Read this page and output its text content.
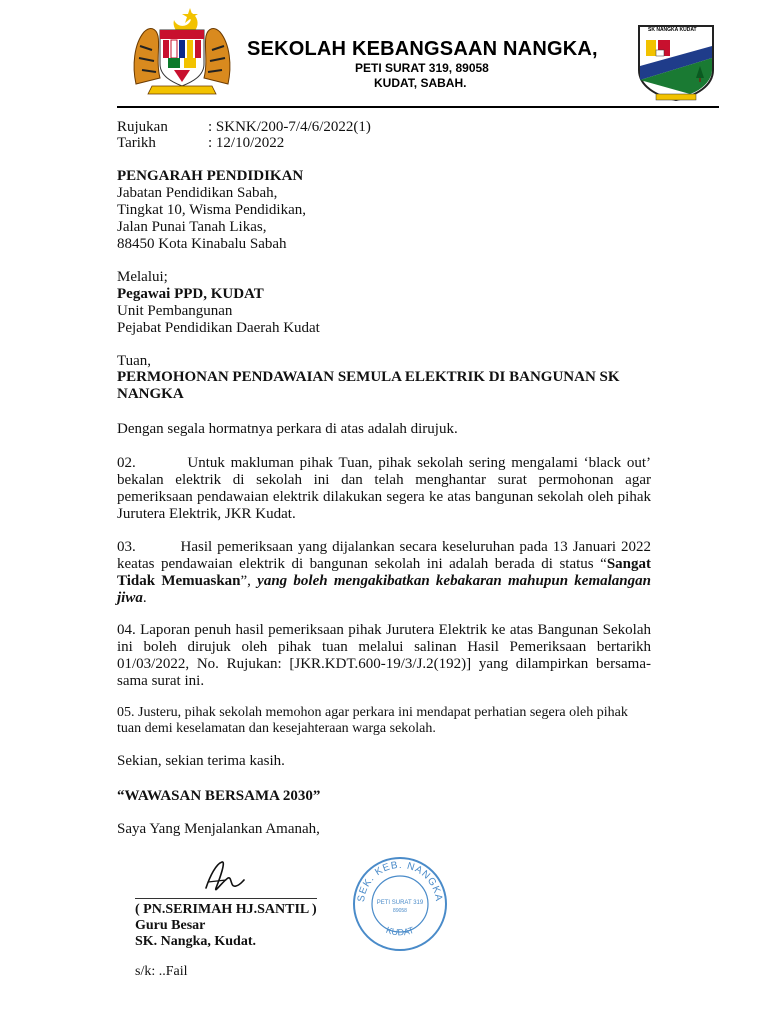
SEKOLAH KEBANGSAAN NANGKA,
PETI SURAT 319, 89058
KUDAT, SABAH.
SK NANGKA KUDAT
Rujukan	: SKNK/200-7/4/6/2022(1)
Tarikh	: 12/10/2022
PENGARAH PENDIDIKAN
Jabatan Pendidikan Sabah,
Tingkat 10, Wisma Pendidikan,
Jalan Punai Tanah Likas,
88450 Kota Kinabalu Sabah
Melalui;
Pegawai PPD, KUDAT
Unit Pembangunan
Pejabat Pendidikan Daerah Kudat
Tuan,
PERMOHONAN PENDAWAIAN SEMULA ELEKTRIK DI BANGUNAN SK
NANGKA
Dengan segala hormatnya perkara di atas adalah dirujuk.
02.         Untuk makluman pihak Tuan, pihak sekolah sering mengalami ‘black out’ bekalan elektrik di sekolah ini dan telah menghantar surat permohonan agar pemeriksaan pendawaian elektrik dilakukan segera ke atas bangunan sekolah oleh pihak Jurutera Elektrik, JKR Kudat.
03.         Hasil pemeriksaan yang dijalankan secara keseluruhan pada 13 Januari 2022 keatas pendawaian elektrik di bangunan sekolah ini adalah berada di status “Sangat Tidak Memuaskan”, yang boleh mengakibatkan kebakaran mahupun kemalangan jiwa.
04. Laporan penuh hasil pemeriksaan pihak Jurutera Elektrik ke atas Bangunan Sekolah ini boleh dirujuk oleh pihak tuan melalui salinan Hasil Pemeriksaan bertarikh 01/03/2022, No. Rujukan: [JKR.KDT.600-19/3/J.2(192)] yang dilampirkan bersama-sama surat ini.
05. Justeru, pihak sekolah memohon agar perkara ini mendapat perhatian segera oleh pihak
tuan demi keselamatan dan kesejahteraan warga sekolah.
Sekian, sekian terima kasih.
“WAWASAN BERSAMA 2030”
Saya Yang Menjalankan Amanah,
( PN.SERIMAH HJ.SANTIL )
Guru Besar
SK. Nangka, Kudat.
s/k: ..Fail
SEK. KEB. NANGKA
PETI SURAT 319
89058
KUDAT
